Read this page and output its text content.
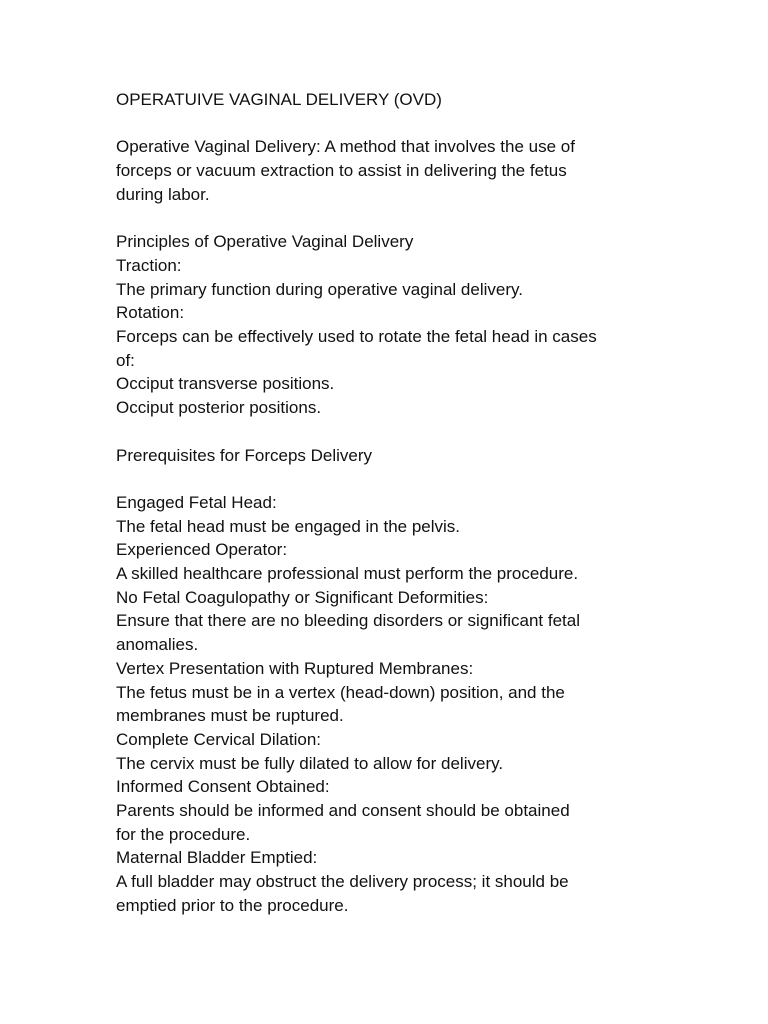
OPERATUIVE VAGINAL DELIVERY (OVD)
Operative Vaginal Delivery: A method that involves the use of
forceps or vacuum extraction to assist in delivering the fetus
during labor.
Principles of Operative Vaginal Delivery
Traction:
The primary function during operative vaginal delivery.
Rotation:
Forceps can be effectively used to rotate the fetal head in cases
of:
Occiput transverse positions.
Occiput posterior positions.
Prerequisites for Forceps Delivery
Engaged Fetal Head:
The fetal head must be engaged in the pelvis.
Experienced Operator:
A skilled healthcare professional must perform the procedure.
No Fetal Coagulopathy or Significant Deformities:
Ensure that there are no bleeding disorders or significant fetal
anomalies.
Vertex Presentation with Ruptured Membranes:
The fetus must be in a vertex (head-down) position, and the
membranes must be ruptured.
Complete Cervical Dilation:
The cervix must be fully dilated to allow for delivery.
Informed Consent Obtained:
Parents should be informed and consent should be obtained
for the procedure.
Maternal Bladder Emptied:
A full bladder may obstruct the delivery process; it should be
emptied prior to the procedure.
